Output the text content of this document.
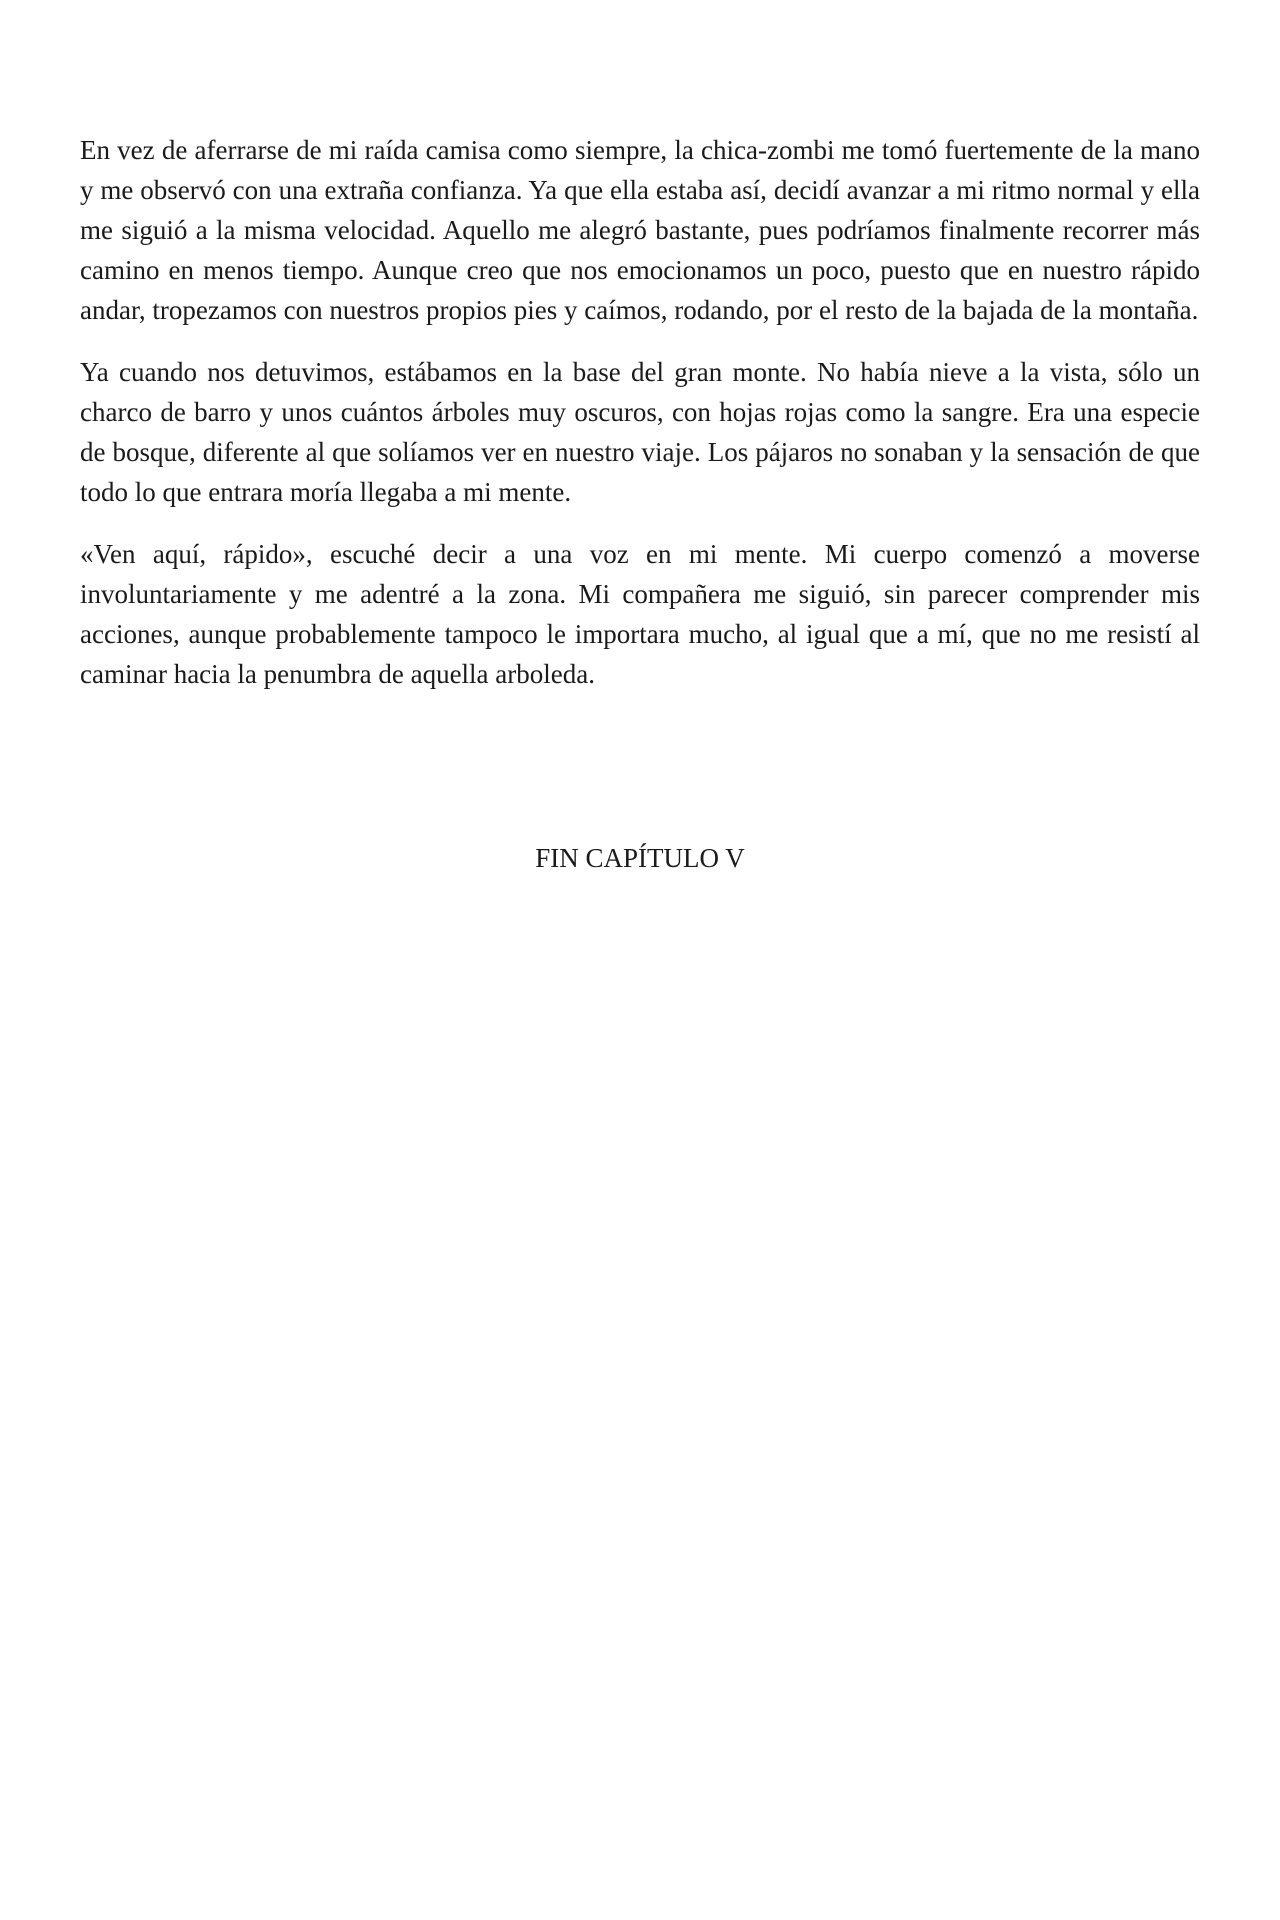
En vez de aferrarse de mi raída camisa como siempre, la chica-zombi me tomó fuertemente de la mano y me observó con una extraña confianza. Ya que ella estaba así, decidí avanzar a mi ritmo normal y ella me siguió a la misma velocidad. Aquello me alegró bastante, pues podríamos finalmente recorrer más camino en menos tiempo. Aunque creo que nos emocionamos un poco, puesto que en nuestro rápido andar, tropezamos con nuestros propios pies y caímos, rodando, por el resto de la bajada de la montaña.

Ya cuando nos detuvimos, estábamos en la base del gran monte. No había nieve a la vista, sólo un charco de barro y unos cuántos árboles muy oscuros, con hojas rojas como la sangre. Era una especie de bosque, diferente al que solíamos ver en nuestro viaje. Los pájaros no sonaban y la sensación de que todo lo que entrara moría llegaba a mi mente.

«Ven aquí, rápido», escuché decir a una voz en mi mente. Mi cuerpo comenzó a moverse involuntariamente y me adentré a la zona. Mi compañera me siguió, sin parecer comprender mis acciones, aunque probablemente tampoco le importara mucho, al igual que a mí, que no me resistí al caminar hacia la penumbra de aquella arboleda.

FIN CAPÍTULO V
